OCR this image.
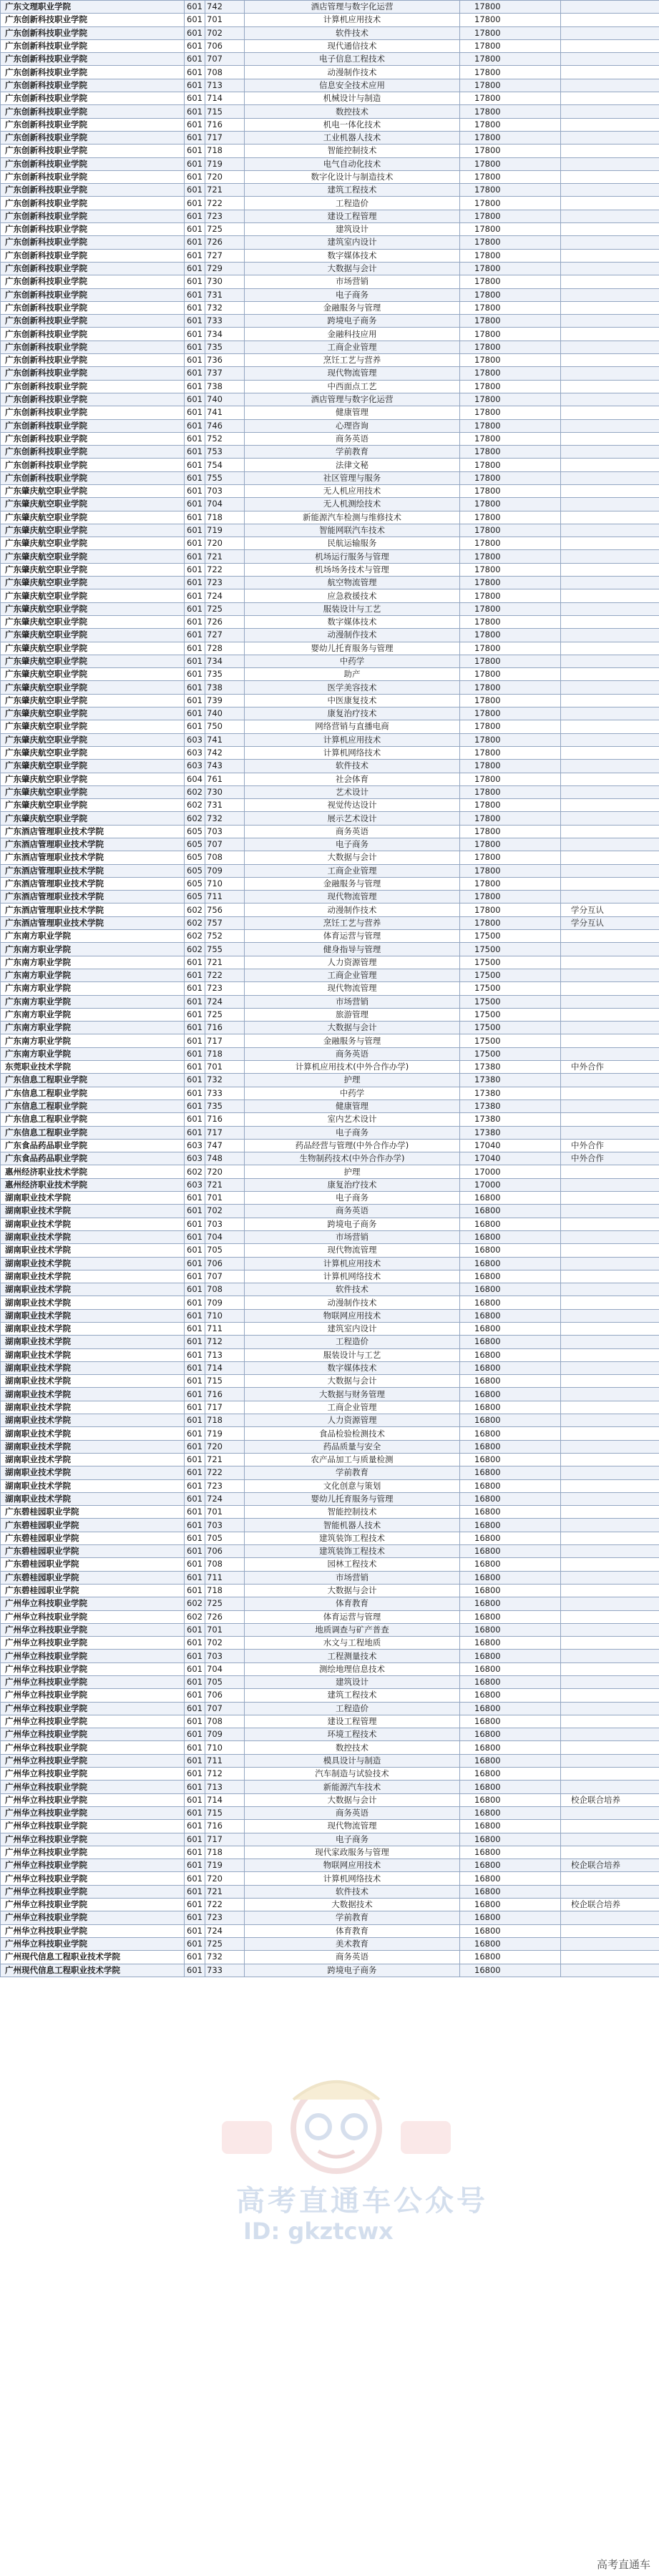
广东文理职业学院	601	742	酒店管理与数字化运营	17800	
广东创新科技职业学院	601	701	计算机应用技术	17800	
广东创新科技职业学院	601	702	软件技术	17800	
广东创新科技职业学院	601	706	现代通信技术	17800	
广东创新科技职业学院	601	707	电子信息工程技术	17800	
广东创新科技职业学院	601	708	动漫制作技术	17800	
广东创新科技职业学院	601	713	信息安全技术应用	17800	
广东创新科技职业学院	601	714	机械设计与制造	17800	
广东创新科技职业学院	601	715	数控技术	17800	
广东创新科技职业学院	601	716	机电一体化技术	17800	
广东创新科技职业学院	601	717	工业机器人技术	17800	
广东创新科技职业学院	601	718	智能控制技术	17800	
广东创新科技职业学院	601	719	电气自动化技术	17800	
广东创新科技职业学院	601	720	数字化设计与制造技术	17800	
广东创新科技职业学院	601	721	建筑工程技术	17800	
广东创新科技职业学院	601	722	工程造价	17800	
广东创新科技职业学院	601	723	建设工程管理	17800	
广东创新科技职业学院	601	725	建筑设计	17800	
广东创新科技职业学院	601	726	建筑室内设计	17800	
广东创新科技职业学院	601	727	数字媒体技术	17800	
广东创新科技职业学院	601	729	大数据与会计	17800	
广东创新科技职业学院	601	730	市场营销	17800	
广东创新科技职业学院	601	731	电子商务	17800	
广东创新科技职业学院	601	732	金融服务与管理	17800	
广东创新科技职业学院	601	733	跨境电子商务	17800	
广东创新科技职业学院	601	734	金融科技应用	17800	
广东创新科技职业学院	601	735	工商企业管理	17800	
广东创新科技职业学院	601	736	烹饪工艺与营养	17800	
广东创新科技职业学院	601	737	现代物流管理	17800	
广东创新科技职业学院	601	738	中西面点工艺	17800	
广东创新科技职业学院	601	740	酒店管理与数字化运营	17800	
广东创新科技职业学院	601	741	健康管理	17800	
广东创新科技职业学院	601	746	心理咨询	17800	
广东创新科技职业学院	601	752	商务英语	17800	
广东创新科技职业学院	601	753	学前教育	17800	
广东创新科技职业学院	601	754	法律文秘	17800	
广东创新科技职业学院	601	755	社区管理与服务	17800	
广东肇庆航空职业学院	601	703	无人机应用技术	17800	
广东肇庆航空职业学院	601	704	无人机测绘技术	17800	
广东肇庆航空职业学院	601	718	新能源汽车检测与维修技术	17800	
广东肇庆航空职业学院	601	719	智能网联汽车技术	17800	
广东肇庆航空职业学院	601	720	民航运输服务	17800	
广东肇庆航空职业学院	601	721	机场运行服务与管理	17800	
广东肇庆航空职业学院	601	722	机场场务技术与管理	17800	
广东肇庆航空职业学院	601	723	航空物流管理	17800	
广东肇庆航空职业学院	601	724	应急救援技术	17800	
广东肇庆航空职业学院	601	725	服装设计与工艺	17800	
广东肇庆航空职业学院	601	726	数字媒体技术	17800	
广东肇庆航空职业学院	601	727	动漫制作技术	17800	
广东肇庆航空职业学院	601	728	婴幼儿托育服务与管理	17800	
广东肇庆航空职业学院	601	734	中药学	17800	
广东肇庆航空职业学院	601	735	助产	17800	
广东肇庆航空职业学院	601	738	医学美容技术	17800	
广东肇庆航空职业学院	601	739	中医康复技术	17800	
广东肇庆航空职业学院	601	740	康复治疗技术	17800	
广东肇庆航空职业学院	601	750	网络营销与直播电商	17800	
广东肇庆航空职业学院	603	741	计算机应用技术	17800	
广东肇庆航空职业学院	603	742	计算机网络技术	17800	
广东肇庆航空职业学院	603	743	软件技术	17800	
广东肇庆航空职业学院	604	761	社会体育	17800	
广东肇庆航空职业学院	602	730	艺术设计	17800	
广东肇庆航空职业学院	602	731	视觉传达设计	17800	
广东肇庆航空职业学院	602	732	展示艺术设计	17800	
广东酒店管理职业技术学院	605	703	商务英语	17800	
广东酒店管理职业技术学院	605	707	电子商务	17800	
广东酒店管理职业技术学院	605	708	大数据与会计	17800	
广东酒店管理职业技术学院	605	709	工商企业管理	17800	
广东酒店管理职业技术学院	605	710	金融服务与管理	17800	
广东酒店管理职业技术学院	605	711	现代物流管理	17800	
广东酒店管理职业技术学院	602	756	动漫制作技术	17800	学分互认
广东酒店管理职业技术学院	602	757	烹饪工艺与营养	17800	学分互认
广东南方职业学院	602	752	体育运营与管理	17500	
广东南方职业学院	602	755	健身指导与管理	17500	
广东南方职业学院	601	721	人力资源管理	17500	
广东南方职业学院	601	722	工商企业管理	17500	
广东南方职业学院	601	723	现代物流管理	17500	
广东南方职业学院	601	724	市场营销	17500	
广东南方职业学院	601	725	旅游管理	17500	
广东南方职业学院	601	716	大数据与会计	17500	
广东南方职业学院	601	717	金融服务与管理	17500	
广东南方职业学院	601	718	商务英语	17500	
东莞职业技术学院	601	701	计算机应用技术(中外合作办学)	17380	中外合作
广东信息工程职业学院	601	732	护理	17380	
广东信息工程职业学院	601	733	中药学	17380	
广东信息工程职业学院	601	735	健康管理	17380	
广东信息工程职业学院	601	716	室内艺术设计	17380	
广东信息工程职业学院	601	717	电子商务	17380	
广东食品药品职业学院	603	747	药品经营与管理(中外合作办学)	17040	中外合作
广东食品药品职业学院	603	748	生物制药技术(中外合作办学)	17040	中外合作
惠州经济职业技术学院	602	720	护理	17000	
惠州经济职业技术学院	603	721	康复治疗技术	17000	
湖南职业技术学院	601	701	电子商务	16800	
湖南职业技术学院	601	702	商务英语	16800	
湖南职业技术学院	601	703	跨境电子商务	16800	
湖南职业技术学院	601	704	市场营销	16800	
湖南职业技术学院	601	705	现代物流管理	16800	
湖南职业技术学院	601	706	计算机应用技术	16800	
湖南职业技术学院	601	707	计算机网络技术	16800	
湖南职业技术学院	601	708	软件技术	16800	
湖南职业技术学院	601	709	动漫制作技术	16800	
湖南职业技术学院	601	710	物联网应用技术	16800	
湖南职业技术学院	601	711	建筑室内设计	16800	
湖南职业技术学院	601	712	工程造价	16800	
湖南职业技术学院	601	713	服装设计与工艺	16800	
湖南职业技术学院	601	714	数字媒体技术	16800	
湖南职业技术学院	601	715	大数据与会计	16800	
湖南职业技术学院	601	716	大数据与财务管理	16800	
湖南职业技术学院	601	717	工商企业管理	16800	
湖南职业技术学院	601	718	人力资源管理	16800	
湖南职业技术学院	601	719	食品检验检测技术	16800	
湖南职业技术学院	601	720	药品质量与安全	16800	
湖南职业技术学院	601	721	农产品加工与质量检测	16800	
湖南职业技术学院	601	722	学前教育	16800	
湖南职业技术学院	601	723	文化创意与策划	16800	
湖南职业技术学院	601	724	婴幼儿托育服务与管理	16800	
广东碧桂园职业学院	601	701	智能控制技术	16800	
广东碧桂园职业学院	601	703	智能机器人技术	16800	
广东碧桂园职业学院	601	705	建筑装饰工程技术	16800	
广东碧桂园职业学院	601	706	建筑装饰工程技术	16800	
广东碧桂园职业学院	601	708	园林工程技术	16800	
广东碧桂园职业学院	601	711	市场营销	16800	
广东碧桂园职业学院	601	718	大数据与会计	16800	
广州华立科技职业学院	602	725	体育教育	16800	
广州华立科技职业学院	602	726	体育运营与管理	16800	
广州华立科技职业学院	601	701	地质调查与矿产普查	16800	
广州华立科技职业学院	601	702	水文与工程地质	16800	
广州华立科技职业学院	601	703	工程测量技术	16800	
广州华立科技职业学院	601	704	测绘地理信息技术	16800	
广州华立科技职业学院	601	705	建筑设计	16800	
广州华立科技职业学院	601	706	建筑工程技术	16800	
广州华立科技职业学院	601	707	工程造价	16800	
广州华立科技职业学院	601	708	建设工程管理	16800	
广州华立科技职业学院	601	709	环境工程技术	16800	
广州华立科技职业学院	601	710	数控技术	16800	
广州华立科技职业学院	601	711	模具设计与制造	16800	
广州华立科技职业学院	601	712	汽车制造与试验技术	16800	
广州华立科技职业学院	601	713	新能源汽车技术	16800	
广州华立科技职业学院	601	714	大数据与会计	16800	校企联合培养
广州华立科技职业学院	601	715	商务英语	16800	
广州华立科技职业学院	601	716	现代物流管理	16800	
广州华立科技职业学院	601	717	电子商务	16800	
广州华立科技职业学院	601	718	现代家政服务与管理	16800	
广州华立科技职业学院	601	719	物联网应用技术	16800	校企联合培养
广州华立科技职业学院	601	720	计算机网络技术	16800	
广州华立科技职业学院	601	721	软件技术	16800	
广州华立科技职业学院	601	722	大数据技术	16800	校企联合培养
广州华立科技职业学院	601	723	学前教育	16800	
广州华立科技职业学院	601	724	体育教育	16800	
广州华立科技职业学院	601	725	美术教育	16800	
广州现代信息工程职业技术学院	601	732	商务英语	16800	
广州现代信息工程职业技术学院	601	733	跨境电子商务	16800	
高考直通车公众号
ID: gkztcwx
高考直通车
